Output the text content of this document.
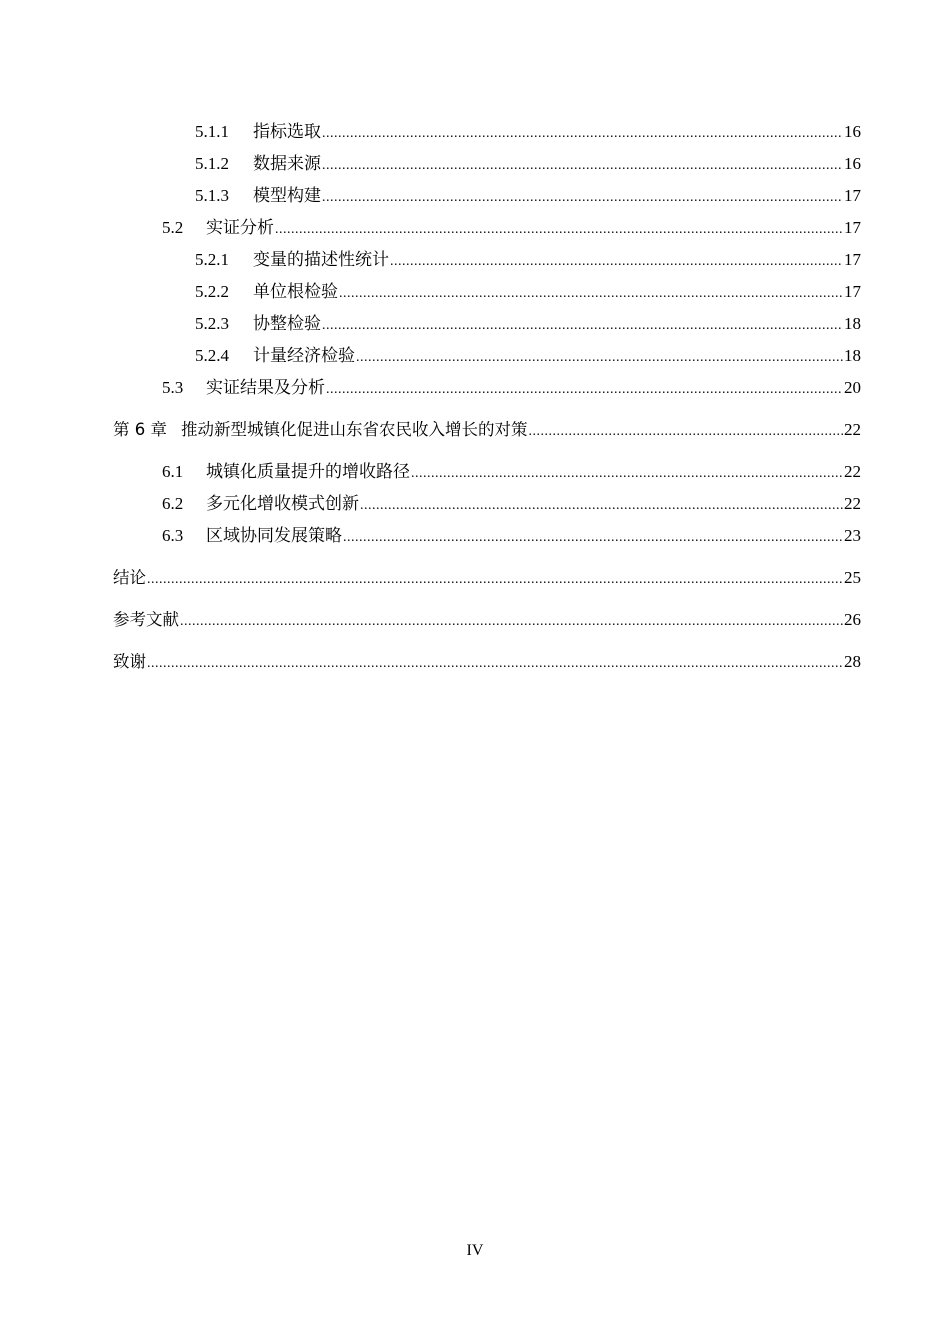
5.1.1	指标选取 .....	16
5.1.2	数据来源 .....	16
5.1.3	模型构建 .....	17
5.2	实证分析 .....	17
5.2.1	变量的描述性统计 .....	17
5.2.2	单位根检验 .....	17
5.2.3	协整检验 .....	18
5.2.4	计量经济检验 .....	18
5.3	实证结果及分析 .....	20
第 6 章 推动新型城镇化促进山东省农民收入增长的对策 .....	22
6.1	城镇化质量提升的增收路径 .....	22
6.2	多元化增收模式创新 .....	22
6.3	区域协同发展策略 .....	23
结论 .....	25
参考文献 .....	26
致谢 .....	28
IV
